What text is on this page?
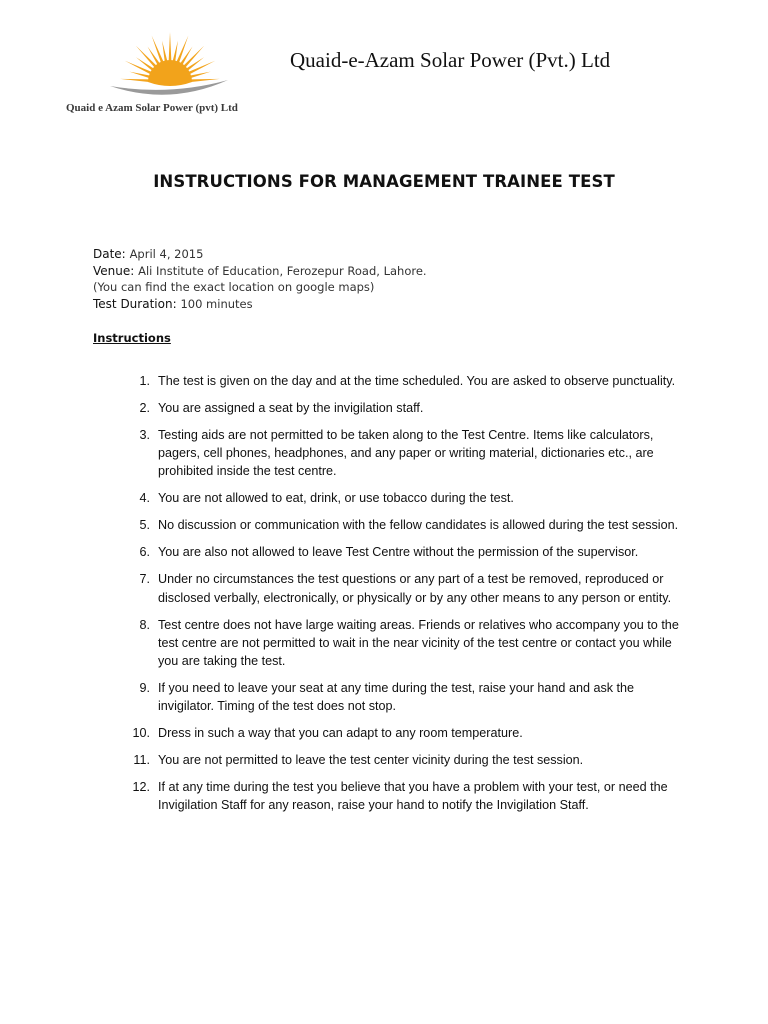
Quaid e Azam Solar Power (pvt) Ltd
Quaid-e-Azam Solar Power (Pvt.) Ltd
INSTRUCTIONS FOR MANAGEMENT TRAINEE TEST
Date: April 4, 2015
Venue: Ali Institute of Education, Ferozepur Road, Lahore.
(You can find the exact location on google maps)
Test Duration: 100 minutes
Instructions
1. The test is given on the day and at the time scheduled. You are asked to observe punctuality.
2. You are assigned a seat by the invigilation staff.
3. Testing aids are not permitted to be taken along to the Test Centre. Items like calculators, pagers, cell phones, headphones, and any paper or writing material, dictionaries etc., are prohibited inside the test centre.
4. You are not allowed to eat, drink, or use tobacco during the test.
5. No discussion or communication with the fellow candidates is allowed during the test session.
6. You are also not allowed to leave Test Centre without the permission of the supervisor.
7. Under no circumstances the test questions or any part of a test be removed, reproduced or disclosed verbally, electronically, or physically or by any other means to any person or entity.
8. Test centre does not have large waiting areas. Friends or relatives who accompany you to the test centre are not permitted to wait in the near vicinity of the test centre or contact you while you are taking the test.
9. If you need to leave your seat at any time during the test, raise your hand and ask the invigilator. Timing of the test does not stop.
10. Dress in such a way that you can adapt to any room temperature.
11. You are not permitted to leave the test center vicinity during the test session.
12. If at any time during the test you believe that you have a problem with your test, or need the Invigilation Staff for any reason, raise your hand to notify the Invigilation Staff.
